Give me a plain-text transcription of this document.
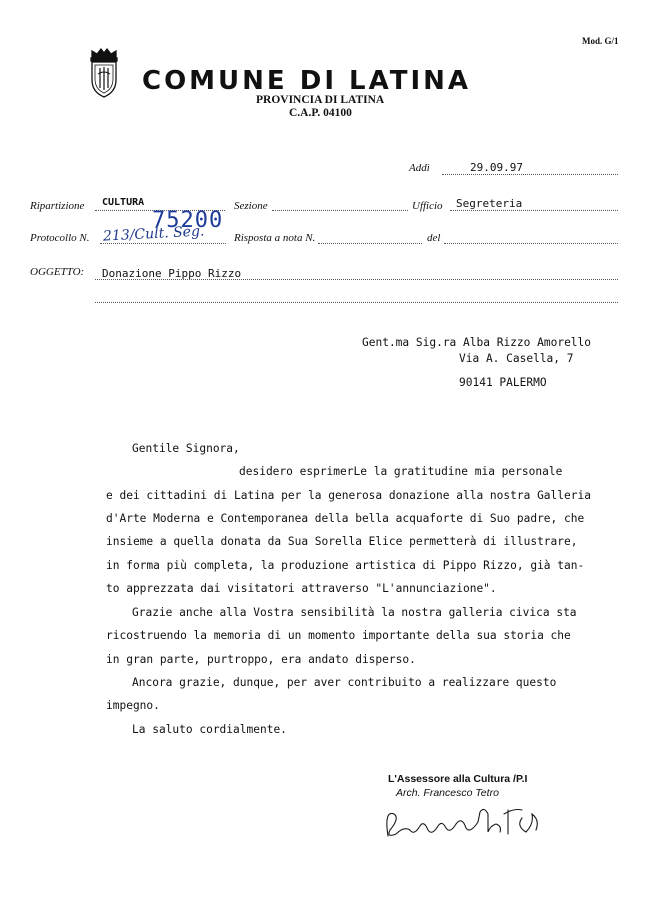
Mod. G/1
COMUNE DI LATINA
PROVINCIA DI LATINA
C.A.P. 04100
Addì	29.09.97
Ripartizione CULTURA	Sezione	Ufficio Segreteria
Protocollo N. 213/Cult. Seg.
75200
Risposta a nota N.	del
OGGETTO: Donazione Pippo Rizzo
Gent.ma Sig.ra Alba Rizzo Amorello
Via A. Casella, 7
90141 PALERMO
Gentile Signora,
desidero esprimerLe la gratitudine mia personale
e dei cittadini di Latina per la generosa donazione alla nostra Galleria
d'Arte Moderna e Contemporanea della bella acquaforte di Suo padre, che
insieme a quella donata da Sua Sorella Elice permetterà di illustrare,
in forma più completa, la produzione artistica di Pippo Rizzo, già tan-
to apprezzata dai visitatori attraverso "L'annunciazione".
Grazie anche alla Vostra sensibilità la nostra galleria civica sta
ricostruendo la memoria di un momento importante della sua storia che
in gran parte, purtroppo, era andato disperso.
Ancora grazie, dunque, per aver contribuito a realizzare questo
impegno.
La saluto cordialmente.
L'Assessore alla Cultura /P.I
Arch. Francesco Tetro
